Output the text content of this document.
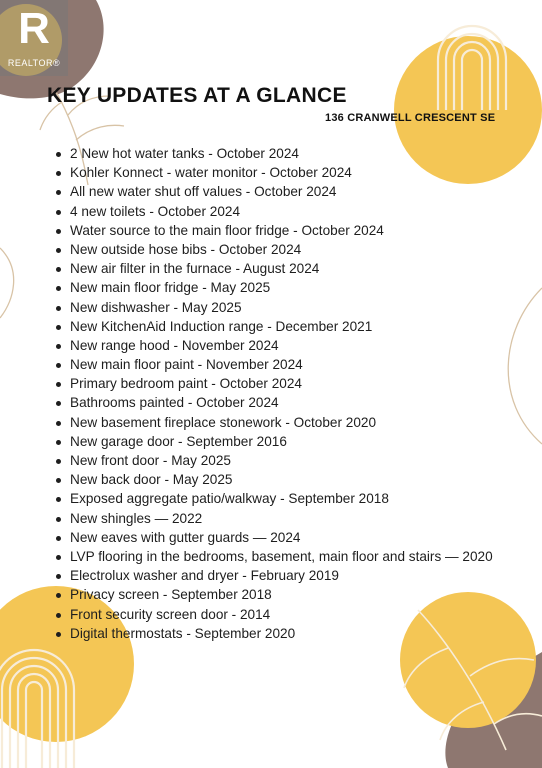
R
REALTOR®
KEY UPDATES AT A GLANCE
136 CRANWELL CRESCENT SE
2 New hot water tanks - October 2024
Kohler Konnect - water monitor - October 2024
All new water shut off values - October 2024
4 new toilets - October 2024
Water source to the main floor fridge - October 2024
New outside hose bibs - October 2024
New air filter in the furnace - August 2024
New main floor fridge - May 2025
New dishwasher - May 2025
New KitchenAid Induction range - December 2021
New range hood - November 2024
New main floor paint - November 2024
Primary bedroom paint - October 2024
Bathrooms painted - October 2024
New basement fireplace stonework - October 2020
New garage door - September 2016
New front door - May 2025
New back door - May 2025
Exposed aggregate patio/walkway - September 2018
New shingles — 2022
New eaves with gutter guards — 2024
LVP flooring in the bedrooms, basement, main floor and stairs — 2020
Electrolux washer and dryer - February 2019
Privacy screen - September 2018
Front security screen door - 2014
Digital thermostats - September 2020
